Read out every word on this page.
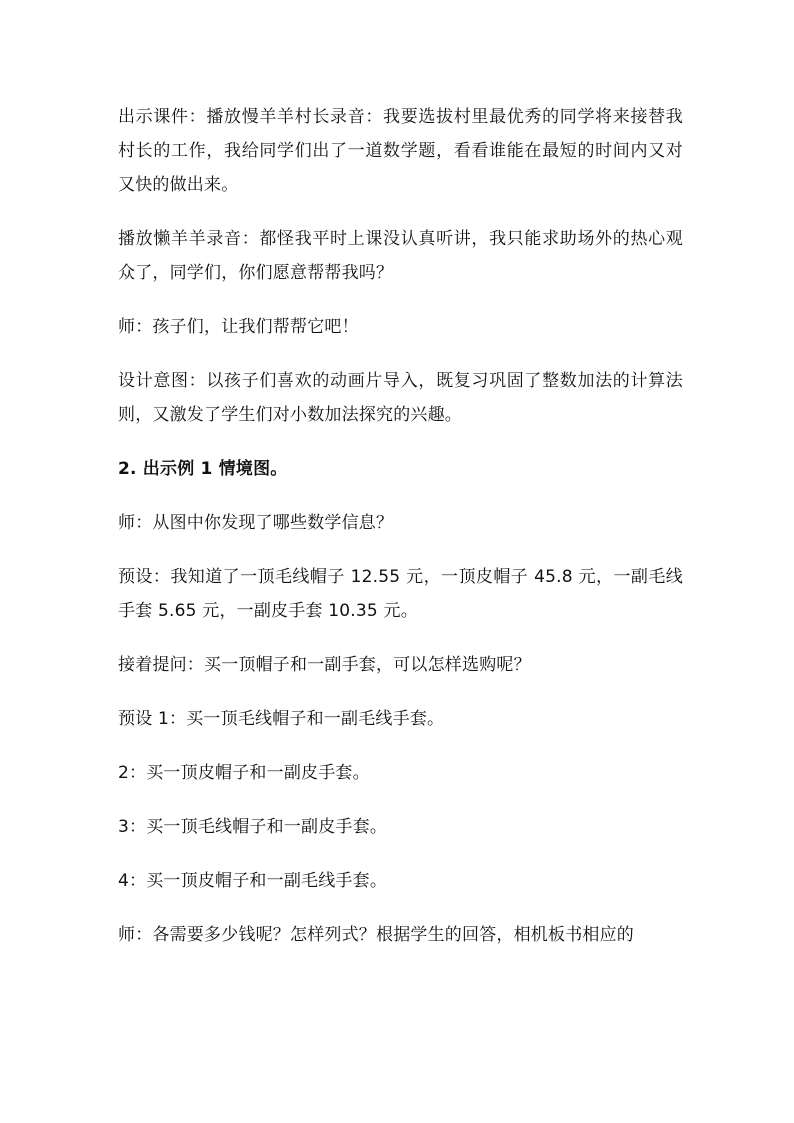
出示课件：播放慢羊羊村长录音：我要选拔村里最优秀的同学将来接替我村长的工作，我给同学们出了一道数学题，看看谁能在最短的时间内又对又快的做出来。

播放懒羊羊录音：都怪我平时上课没认真听讲，我只能求助场外的热心观众了，同学们，你们愿意帮帮我吗？

师：孩子们，让我们帮帮它吧！

设计意图：以孩子们喜欢的动画片导入，既复习巩固了整数加法的计算法则，又激发了学生们对小数加法探究的兴趣。

2. 出示例 1 情境图。

师：从图中你发现了哪些数学信息？

预设：我知道了一顶毛线帽子 12.55 元，一顶皮帽子 45.8 元，一副毛线手套 5.65 元，一副皮手套 10.35 元。

接着提问：买一顶帽子和一副手套，可以怎样选购呢？

预设 1：买一顶毛线帽子和一副毛线手套。

2：买一顶皮帽子和一副皮手套。

3：买一顶毛线帽子和一副皮手套。

4：买一顶皮帽子和一副毛线手套。

师：各需要多少钱呢？怎样列式？根据学生的回答，相机板书相应的
